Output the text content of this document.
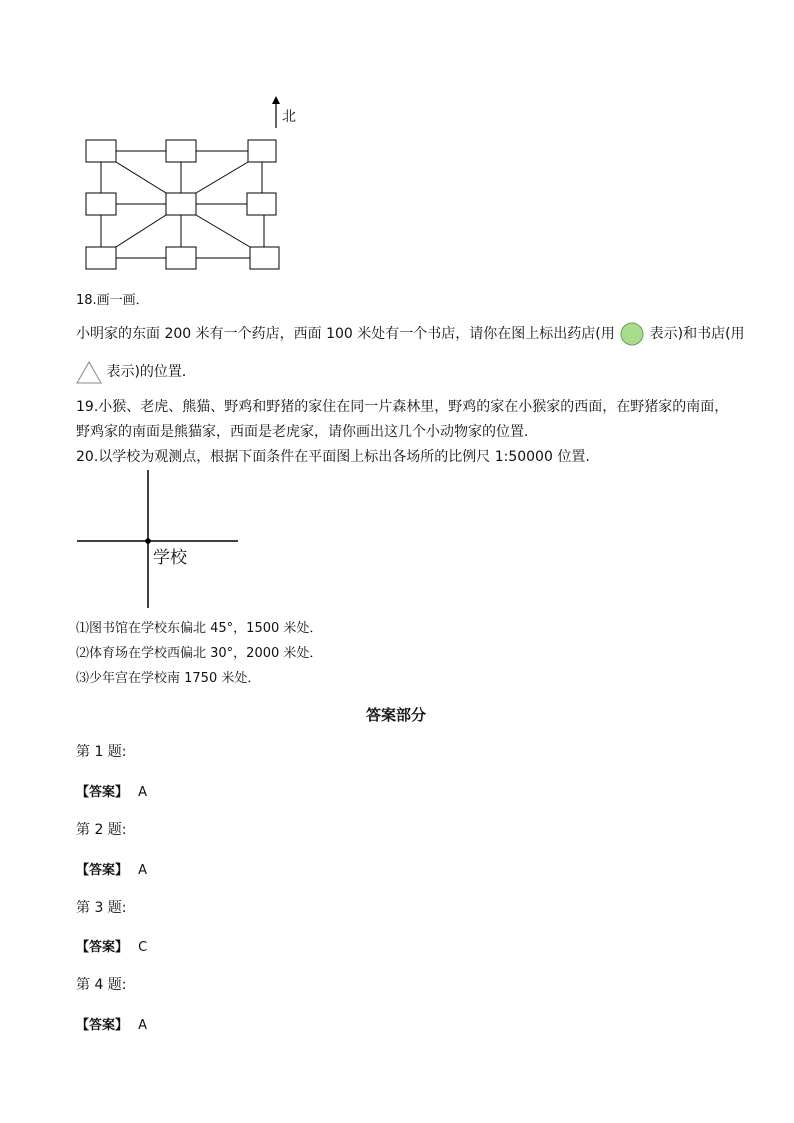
北
18.画一画．
小明家的东面 200 米有一个药店，西面 100 米处有一个书店，请你在图上标出药店(用 表示)和书店(用
表示)的位置．
19.小猴、老虎、熊猫、野鸡和野猪的家住在同一片森林里，野鸡的家在小猴家的西面，在野猪家的南面，
野鸡家的南面是熊猫家，西面是老虎家，请你画出这几个小动物家的位置．
20.以学校为观测点，根据下面条件在平面图上标出各场所的比例尺 1:50000 位置.
学校
⑴图书馆在学校东偏北 45°，1500 米处．
⑵体育场在学校西偏北 30°，2000 米处．
⑶少年宫在学校南 1750 米处．
答案部分
第 1 题:
【答案】 A
第 2 题:
【答案】 A
第 3 题:
【答案】 C
第 4 题:
【答案】 A
